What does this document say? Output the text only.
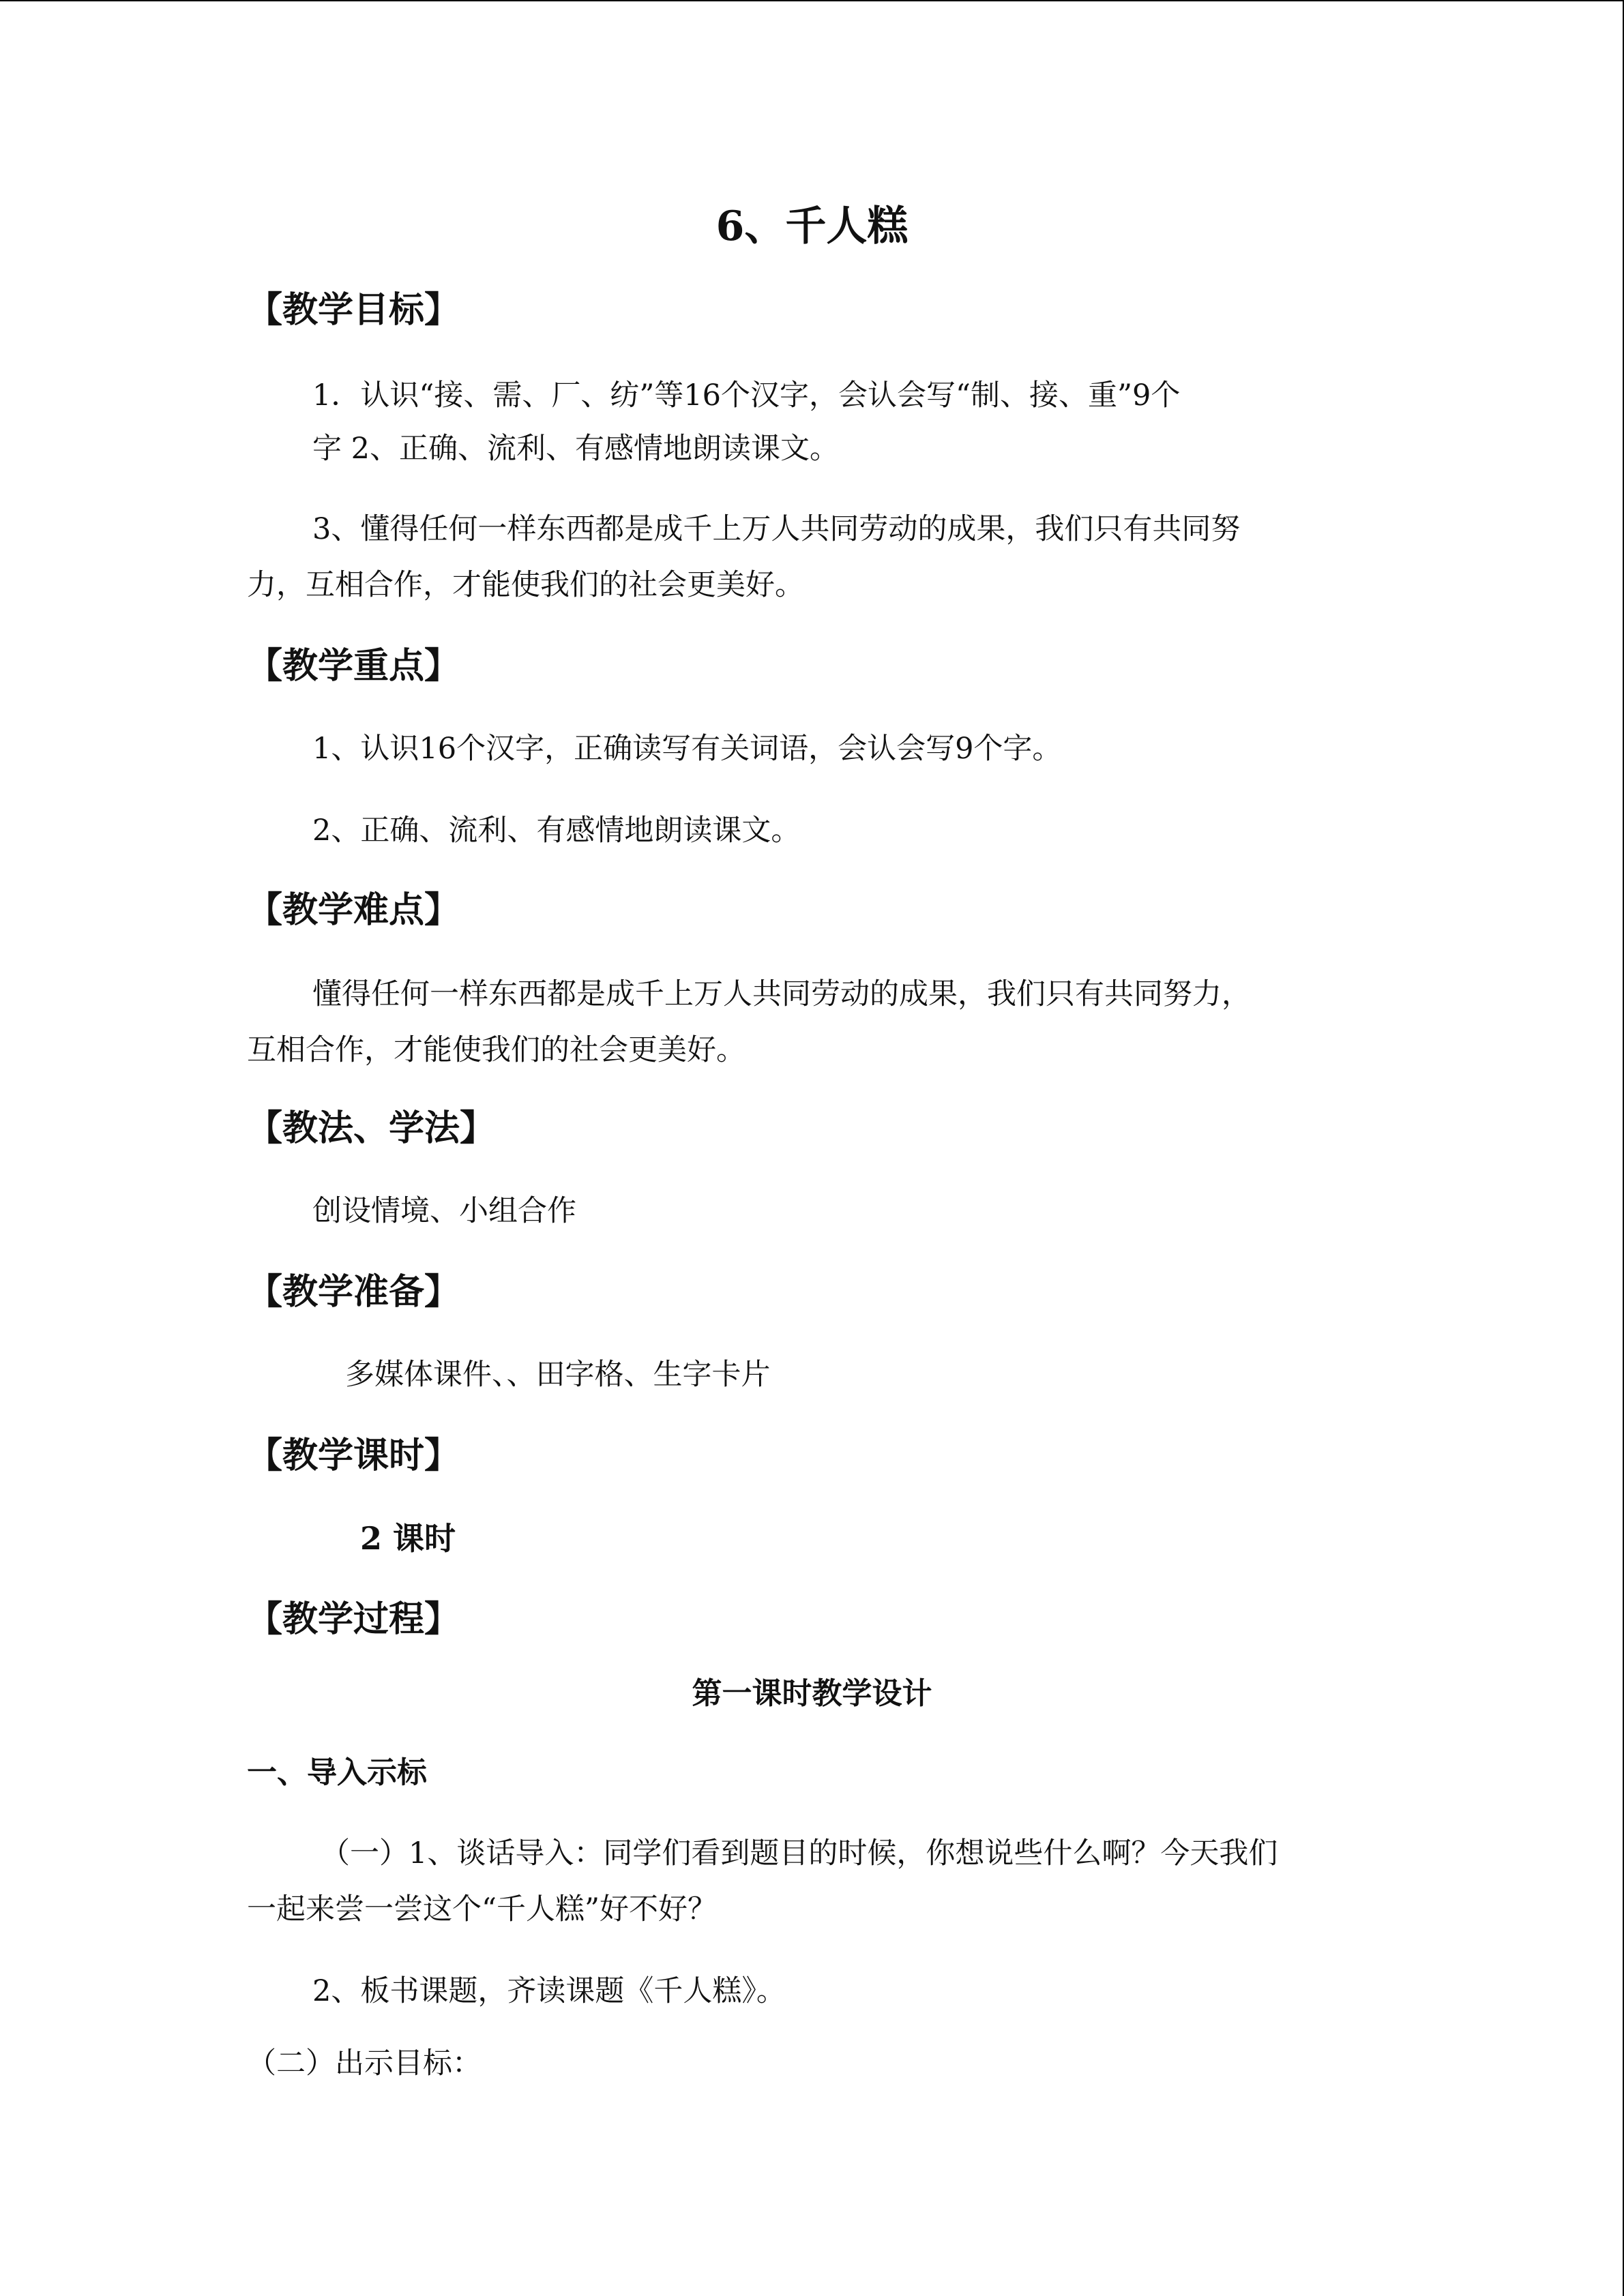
6、千人糕
【教学目标】
1．认识“接、需、厂、纺”等16个汉字，会认会写“制、接、重”9个
字 2、正确、流利、有感情地朗读课文。
3、懂得任何一样东西都是成千上万人共同劳动的成果，我们只有共同努
力，互相合作，才能使我们的社会更美好。
【教学重点】
1、认识16个汉字，正确读写有关词语，会认会写9个字。
2、正确、流利、有感情地朗读课文。
【教学难点】
懂得任何一样东西都是成千上万人共同劳动的成果，我们只有共同努力，
互相合作，才能使我们的社会更美好。
【教法、学法】
创设情境、小组合作
【教学准备】
多媒体课件、、田字格、生字卡片
【教学课时】
2 课时
【教学过程】
第一课时教学设计
一、导入示标
（一）1、谈话导入：同学们看到题目的时候，你想说些什么啊？今天我们
一起来尝一尝这个“千人糕”好不好？
2、板书课题，齐读课题《千人糕》。
（二）出示目标：
